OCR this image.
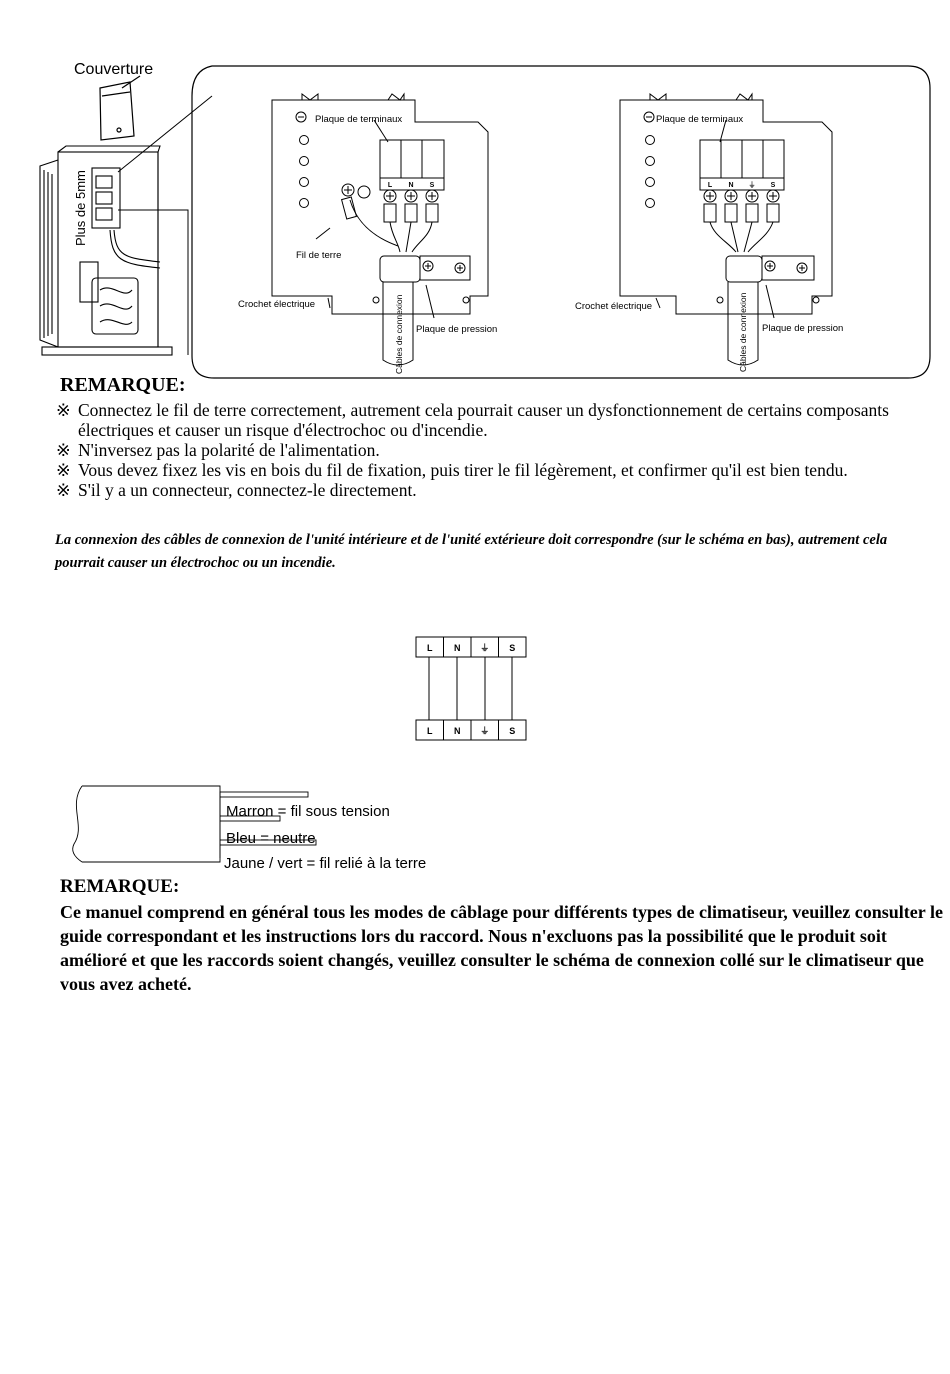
Couverture
Plus de 5mm	L N S
Plaque de terminaux
Fil de terre
Crochet électrique	Câbles de connexion Plaque de pression
L N ⏚ S
Plaque de terminaux
Crochet électrique	Câbles de connexion Plaque de pression
REMARQUE:
※ Connectez le fil de terre correctement, autrement cela pourrait causer un dysfonctionnement de certains composants électriques et causer un risque d'électrochoc ou d'incendie.
※ N'inversez pas la polarité de l'alimentation.
※ Vous devez fixez les vis en bois du fil de fixation, puis tirer le fil légèrement, et confirmer qu'il est bien tendu.
※ S'il y a un connecteur, connectez-le directement.
La connexion des câbles de connexion de l'unité intérieure et de l'unité extérieure doit correspondre (sur le schéma en bas), autrement cela pourrait causer un électrochoc ou un incendie.
L N ⏚ S
L N ⏚ S
Marron = fil sous tension
Bleu = neutre
Jaune / vert = fil relié à la terre
REMARQUE:
Ce manuel comprend en général tous les modes de câblage pour différents types de climatiseur, veuillez consulter le guide correspondant et les instructions lors du raccord. Nous n'excluons pas la possibilité que le produit soit amélioré et que les raccords soient changés, veuillez consulter le schéma de connexion collé sur le climatiseur que vous avez acheté.
